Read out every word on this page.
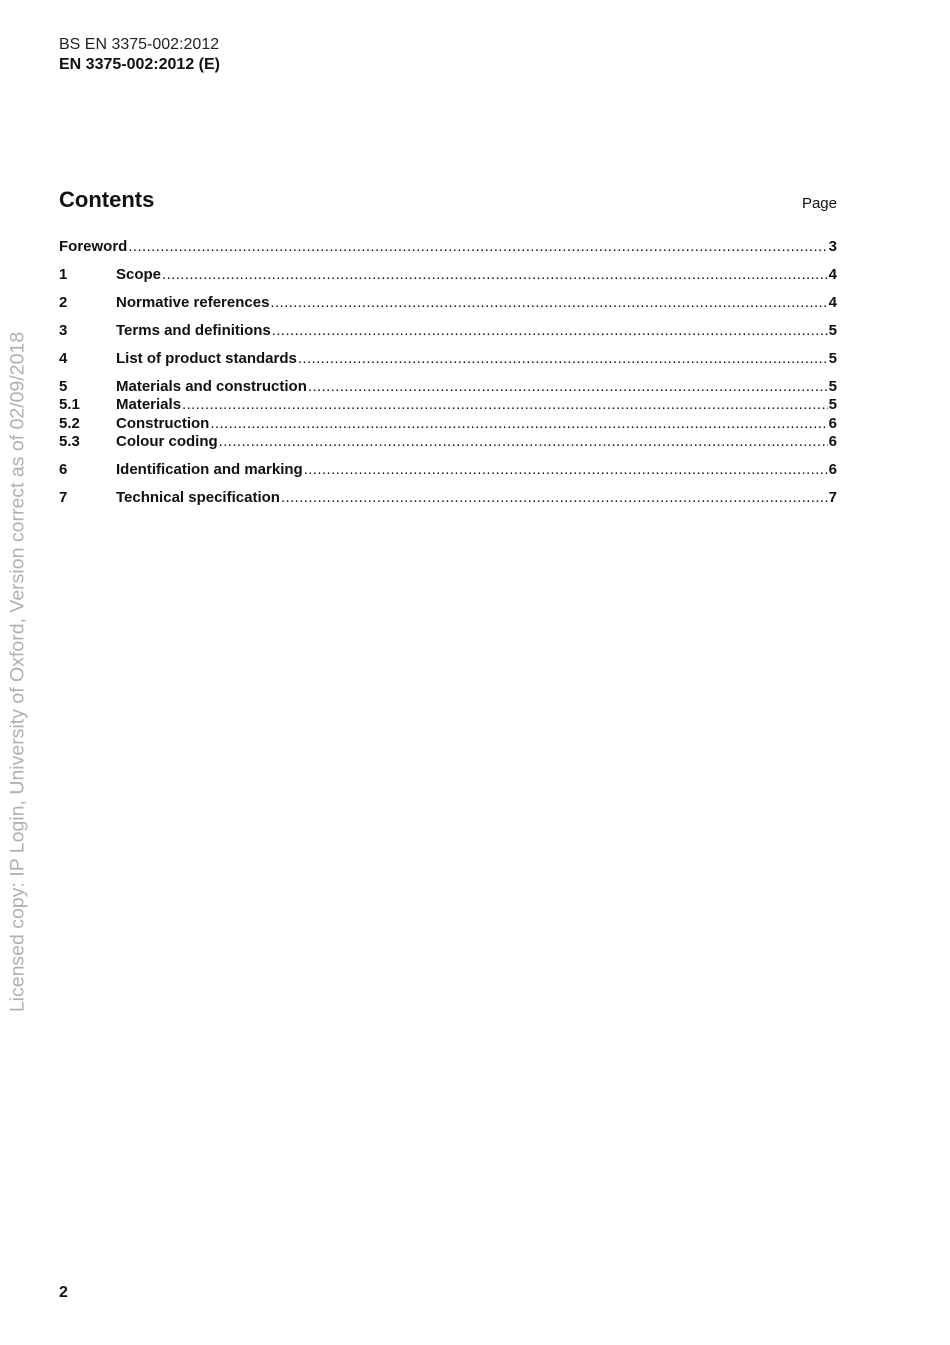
BS EN 3375-002:2012
EN 3375-002:2012 (E)
Contents	Page
Foreword .....	3
1	Scope .....	4
2	Normative references .....	4
3	Terms and definitions .....	5
4	List of product standards .....	5
5	Materials and construction .....	5
5.1	Materials .....	5
5.2	Construction .....	6
5.3	Colour coding .....	6
6	Identification and marking .....	6
7	Technical specification .....	7
Licensed copy: IP Login, University of Oxford, Version correct as of 02/09/2018
2
